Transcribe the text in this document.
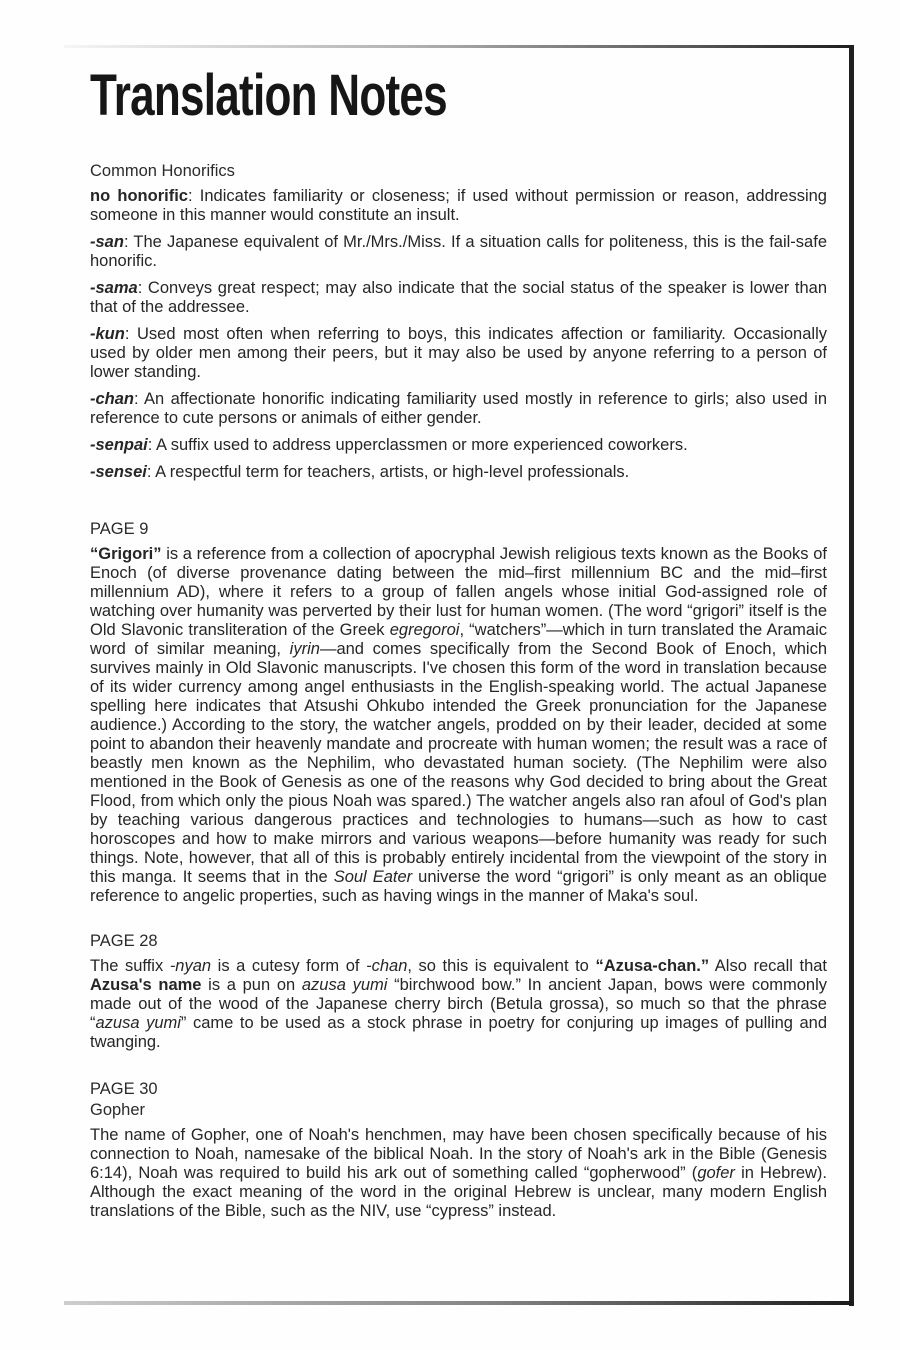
Translation Notes
Common Honorifics

no honorific: Indicates familiarity or closeness; if used without permission or reason, addressing someone in this manner would constitute an insult.

-san: The Japanese equivalent of Mr./Mrs./Miss. If a situation calls for politeness, this is the fail-safe honorific.

-sama: Conveys great respect; may also indicate that the social status of the speaker is lower than that of the addressee.

-kun: Used most often when referring to boys, this indicates affection or familiarity. Occasionally used by older men among their peers, but it may also be used by anyone referring to a person of lower standing.

-chan: An affectionate honorific indicating familiarity used mostly in reference to girls; also used in reference to cute persons or animals of either gender.

-senpai: A suffix used to address upperclassmen or more experienced coworkers.

-sensei: A respectful term for teachers, artists, or high-level professionals.

PAGE 9

“Grigori” is a reference from a collection of apocryphal Jewish religious texts known as the Books of Enoch (of diverse provenance dating between the mid–first millennium BC and the mid–first millennium AD), where it refers to a group of fallen angels whose initial God-assigned role of watching over humanity was perverted by their lust for human women. (The word “grigori” itself is the Old Slavonic transliteration of the Greek egregoroi, “watchers”—which in turn translated the Aramaic word of similar meaning, iyrin—and comes specifically from the Second Book of Enoch, which survives mainly in Old Slavonic manuscripts. I've chosen this form of the word in translation because of its wider currency among angel enthusiasts in the English-speaking world. The actual Japanese spelling here indicates that Atsushi Ohkubo intended the Greek pronunciation for the Japanese audience.) According to the story, the watcher angels, prodded on by their leader, decided at some point to abandon their heavenly mandate and procreate with human women; the result was a race of beastly men known as the Nephilim, who devastated human society. (The Nephilim were also mentioned in the Book of Genesis as one of the reasons why God decided to bring about the Great Flood, from which only the pious Noah was spared.) The watcher angels also ran afoul of God's plan by teaching various dangerous practices and technologies to humans—such as how to cast horoscopes and how to make mirrors and various weapons—before humanity was ready for such things. Note, however, that all of this is probably entirely incidental from the viewpoint of the story in this manga. It seems that in the Soul Eater universe the word “grigori” is only meant as an oblique reference to angelic properties, such as having wings in the manner of Maka's soul.

PAGE 28

The suffix -nyan is a cutesy form of -chan, so this is equivalent to “Azusa-chan.” Also recall that Azusa's name is a pun on azusa yumi “birchwood bow.” In ancient Japan, bows were commonly made out of the wood of the Japanese cherry birch (Betula grossa), so much so that the phrase “azusa yumi” came to be used as a stock phrase in poetry for conjuring up images of pulling and twanging.

PAGE 30
Gopher

The name of Gopher, one of Noah's henchmen, may have been chosen specifically because of his connection to Noah, namesake of the biblical Noah. In the story of Noah's ark in the Bible (Genesis 6:14), Noah was required to build his ark out of something called “gopherwood” (gofer in Hebrew). Although the exact meaning of the word in the original Hebrew is unclear, many modern English translations of the Bible, such as the NIV, use “cypress” instead.
